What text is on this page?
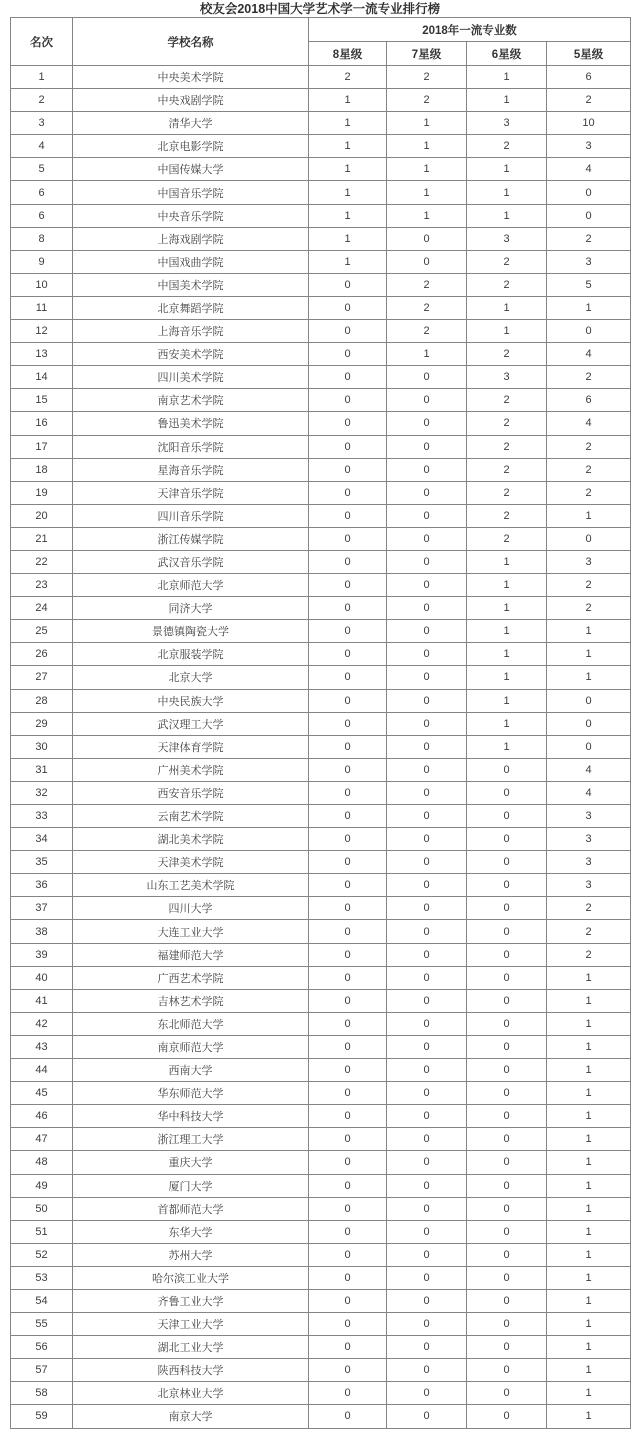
校友会2018中国大学艺术学一流专业排行榜
名次	学校名称	2018年一流专业数			
		8星级	7星级	6星级	5星级
1	中央美术学院	2	2	1	6
2	中央戏剧学院	1	2	1	2
3	清华大学	1	1	3	10
4	北京电影学院	1	1	2	3
5	中国传媒大学	1	1	1	4
6	中国音乐学院	1	1	1	0
6	中央音乐学院	1	1	1	0
8	上海戏剧学院	1	0	3	2
9	中国戏曲学院	1	0	2	3
10	中国美术学院	0	2	2	5
11	北京舞蹈学院	0	2	1	1
12	上海音乐学院	0	2	1	0
13	西安美术学院	0	1	2	4
14	四川美术学院	0	0	3	2
15	南京艺术学院	0	0	2	6
16	鲁迅美术学院	0	0	2	4
17	沈阳音乐学院	0	0	2	2
18	星海音乐学院	0	0	2	2
19	天津音乐学院	0	0	2	2
20	四川音乐学院	0	0	2	1
21	浙江传媒学院	0	0	2	0
22	武汉音乐学院	0	0	1	3
23	北京师范大学	0	0	1	2
24	同济大学	0	0	1	2
25	景德镇陶瓷大学	0	0	1	1
26	北京服装学院	0	0	1	1
27	北京大学	0	0	1	1
28	中央民族大学	0	0	1	0
29	武汉理工大学	0	0	1	0
30	天津体育学院	0	0	1	0
31	广州美术学院	0	0	0	4
32	西安音乐学院	0	0	0	4
33	云南艺术学院	0	0	0	3
34	湖北美术学院	0	0	0	3
35	天津美术学院	0	0	0	3
36	山东工艺美术学院	0	0	0	3
37	四川大学	0	0	0	2
38	大连工业大学	0	0	0	2
39	福建师范大学	0	0	0	2
40	广西艺术学院	0	0	0	1
41	吉林艺术学院	0	0	0	1
42	东北师范大学	0	0	0	1
43	南京师范大学	0	0	0	1
44	西南大学	0	0	0	1
45	华东师范大学	0	0	0	1
46	华中科技大学	0	0	0	1
47	浙江理工大学	0	0	0	1
48	重庆大学	0	0	0	1
49	厦门大学	0	0	0	1
50	首都师范大学	0	0	0	1
51	东华大学	0	0	0	1
52	苏州大学	0	0	0	1
53	哈尔滨工业大学	0	0	0	1
54	齐鲁工业大学	0	0	0	1
55	天津工业大学	0	0	0	1
56	湖北工业大学	0	0	0	1
57	陕西科技大学	0	0	0	1
58	北京林业大学	0	0	0	1
59	南京大学	0	0	0	1
